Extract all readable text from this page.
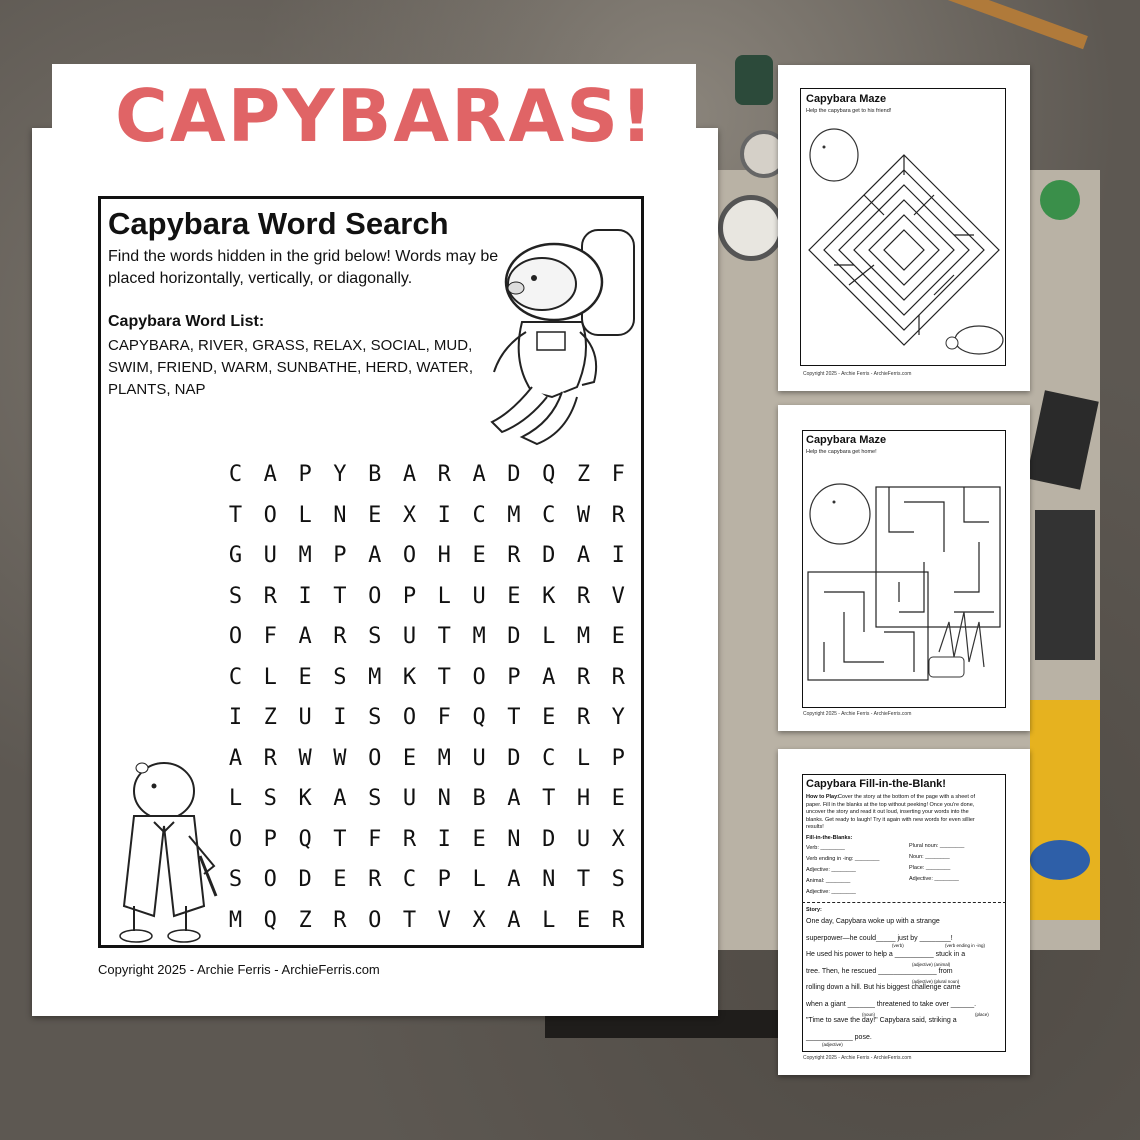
CAPYBARAS!
Capybara Word Search
Find the words hidden in the grid below! Words may be placed horizontally, vertically, or diagonally.
Capybara Word List:
CAPYBARA, RIVER, GRASS, RELAX, SOCIAL, MUD, SWIM, FRIEND, WARM, SUNBATHE, HERD, WATER, PLANTS, NAP
C A P Y B A R A D Q Z F
T O L N E X I C M C W R
G U M P A O H E R D A I
S R I T O P L U E K R V
O F A R S U T M D L M E
C L E S M K T O P A R R
I Z U I S O F Q T E R Y
A R W W O E M U D C L P
L S K A S U N B A T H E
O P Q T F R I E N D U X
S O D E R C P L A N T S
M Q Z R O T V X A L E R
Copyright 2025 - Archie Ferris - ArchieFerris.com
Capybara Maze
Help the capybara get to his friend!
Copyright 2025 - Archie Ferris - ArchieFerris.com
Capybara Maze
Help the capybara get home!
Copyright 2025 - Archie Ferris - ArchieFerris.com
Capybara Fill-in-the-Blank!
How to Play:
Cover the story at the bottom of the page with a sheet of
paper. Fill in the blanks at the top without peeking! Once you're done,
uncover the story and read it out loud, inserting your words into the
blanks. Get ready to laugh! Try it again with new words for even sillier
results!
Fill-in-the-Blanks:
Verb: ________
Verb ending in -ing: ________
Adjective: ________
Animal: ________
Adjective: ________
Plural noun: ________
Noun: ________
Place: ________
Adjective: ________
Story:
One day, Capybara woke up with a strange
superpower—he could_____ just by ________!
He used his power to help a __________ stuck in a
tree. Then, he rescued _______________ from
rolling down a hill. But his biggest challenge came
when a giant _______ threatened to take over ______.
"Time to save the day!" Capybara said, striking a
____________ pose.
(verb)	(verb ending in -ing)
(adjective) (animal)
(adjective) (plural noun)
(noun)	(place)
(adjective)
Copyright 2025 - Archie Ferris - ArchieFerris.com
